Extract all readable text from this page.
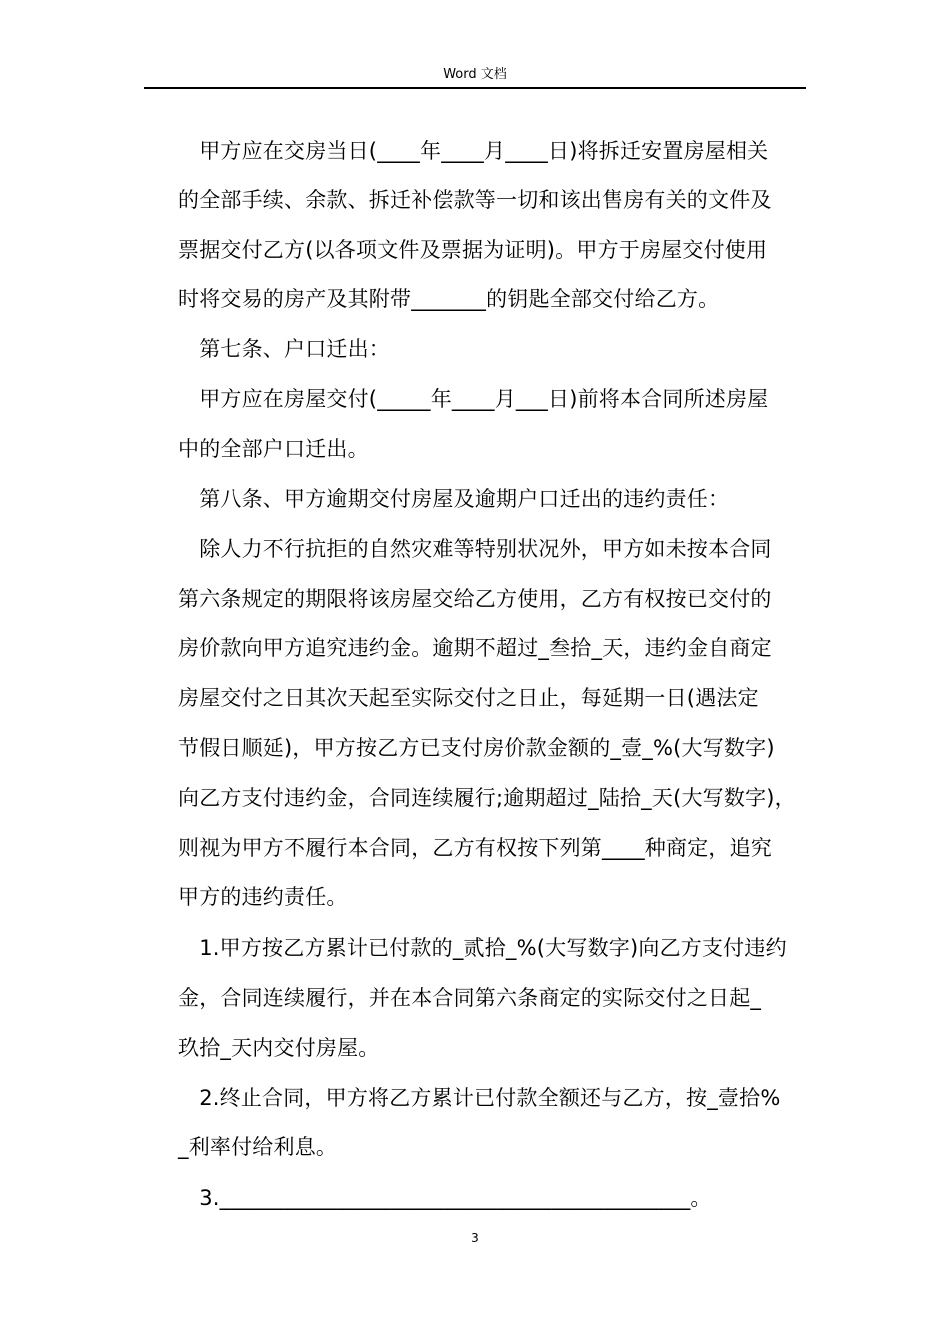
Word 文档
　甲方应在交房当日(____年____月____日)将拆迁安置房屋相关
的全部手续、余款、拆迁补偿款等一切和该出售房有关的文件及
票据交付乙方(以各项文件及票据为证明)。甲方于房屋交付使用
时将交易的房产及其附带_______的钥匙全部交付给乙方。
　第七条、户口迁出：
　甲方应在房屋交付(_____年____月___日)前将本合同所述房屋
中的全部户口迁出。
　第八条、甲方逾期交付房屋及逾期户口迁出的违约责任：
　除人力不行抗拒的自然灾难等特别状况外，甲方如未按本合同
第六条规定的期限将该房屋交给乙方使用，乙方有权按已交付的
房价款向甲方追究违约金。逾期不超过_叁拾_天，违约金自商定
房屋交付之日其次天起至实际交付之日止，每延期一日(遇法定
节假日顺延)，甲方按乙方已支付房价款金额的_壹_%(大写数字)
向乙方支付违约金，合同连续履行;逾期超过_陆拾_天(大写数字)，
则视为甲方不履行本合同，乙方有权按下列第____种商定，追究
甲方的违约责任。
　1.甲方按乙方累计已付款的_贰拾_%(大写数字)向乙方支付违约
金，合同连续履行，并在本合同第六条商定的实际交付之日起_
玖拾_天内交付房屋。
　2.终止合同，甲方将乙方累计已付款全额还与乙方，按_壹拾%
_利率付给利息。
　3.____________________________________________。
3
